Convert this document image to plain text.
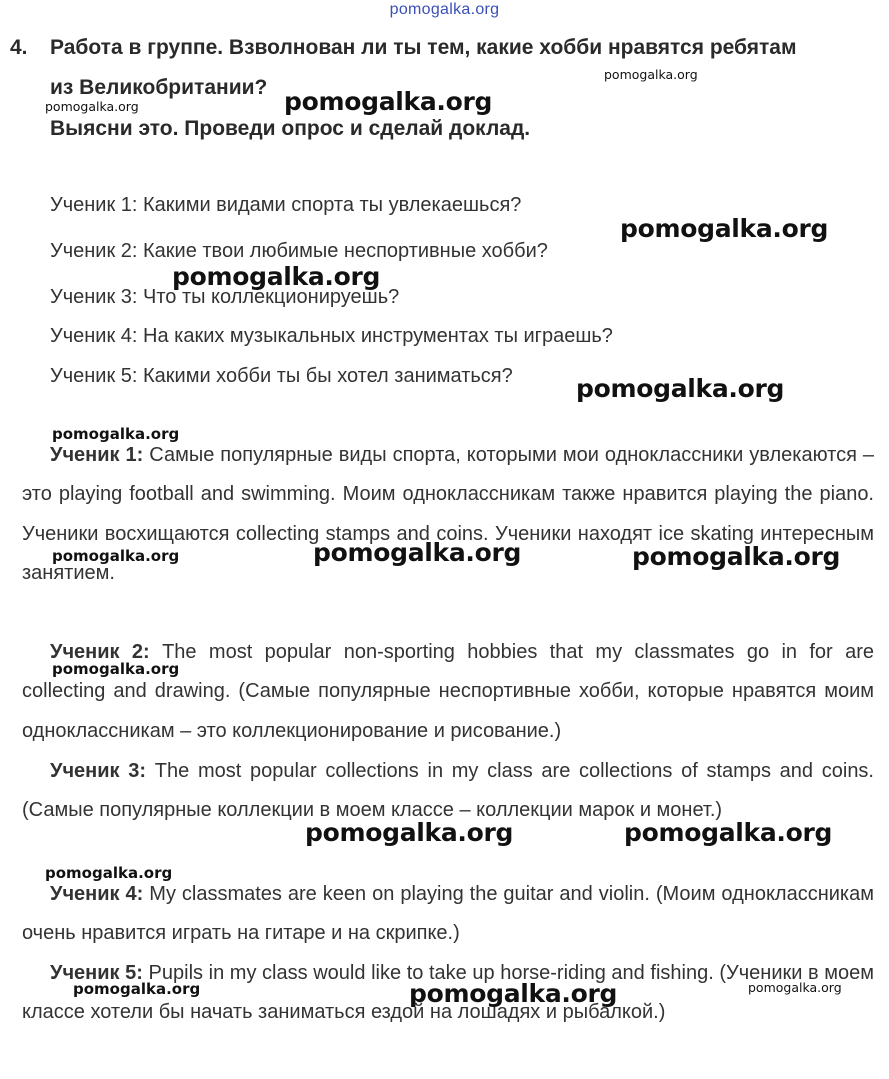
pomogalka.org
4. Работа в группе. Взволнован ли ты тем, какие хобби нравятся ребятам
из Великобритании?
Выясни это. Проведи опрос и сделай доклад.
Ученик 1: Какими видами спорта ты увлекаешься?
Ученик 2: Какие твои любимые неспортивные хобби?
Ученик 3: Что ты коллекционируешь?
Ученик 4: На каких музыкальных инструментах ты играешь?
Ученик 5: Какими хобби ты бы хотел заниматься?
Ученик 1: Самые популярные виды спорта, которыми мои одноклассники увлекаются – это playing football and swimming. Моим одноклассникам также нравится playing the piano. Ученики восхищаются collecting stamps and coins. Ученики находят ice skating интересным занятием.
Ученик 2: The most popular non-sporting hobbies that my classmates go in for are collecting and drawing. (Самые популярные неспортивные хобби, которые нравятся моим одноклассникам – это коллекционирование и рисование.)
Ученик 3: The most popular collections in my class are collections of stamps and coins. (Самые популярные коллекции в моем классе – коллекции марок и монет.)
Ученик 4: My classmates are keen on playing the guitar and violin. (Моим одноклассникам очень нравится играть на гитаре и на скрипке.)
Ученик 5: Pupils in my class would like to take up horse-riding and fishing. (Ученики в моем классе хотели бы начать заниматься ездой на лошадях и рыбалкой.)
pomogalka.org
pomogalka.org	pomogalka.org
pomogalka.org
pomogalka.org
pomogalka.org
pomogalka.org
pomogalka.org	pomogalka.org	pomogalka.org
pomogalka.org
pomogalka.org	pomogalka.org
pomogalka.org
pomogalka.org	pomogalka.org	pomogalka.org
